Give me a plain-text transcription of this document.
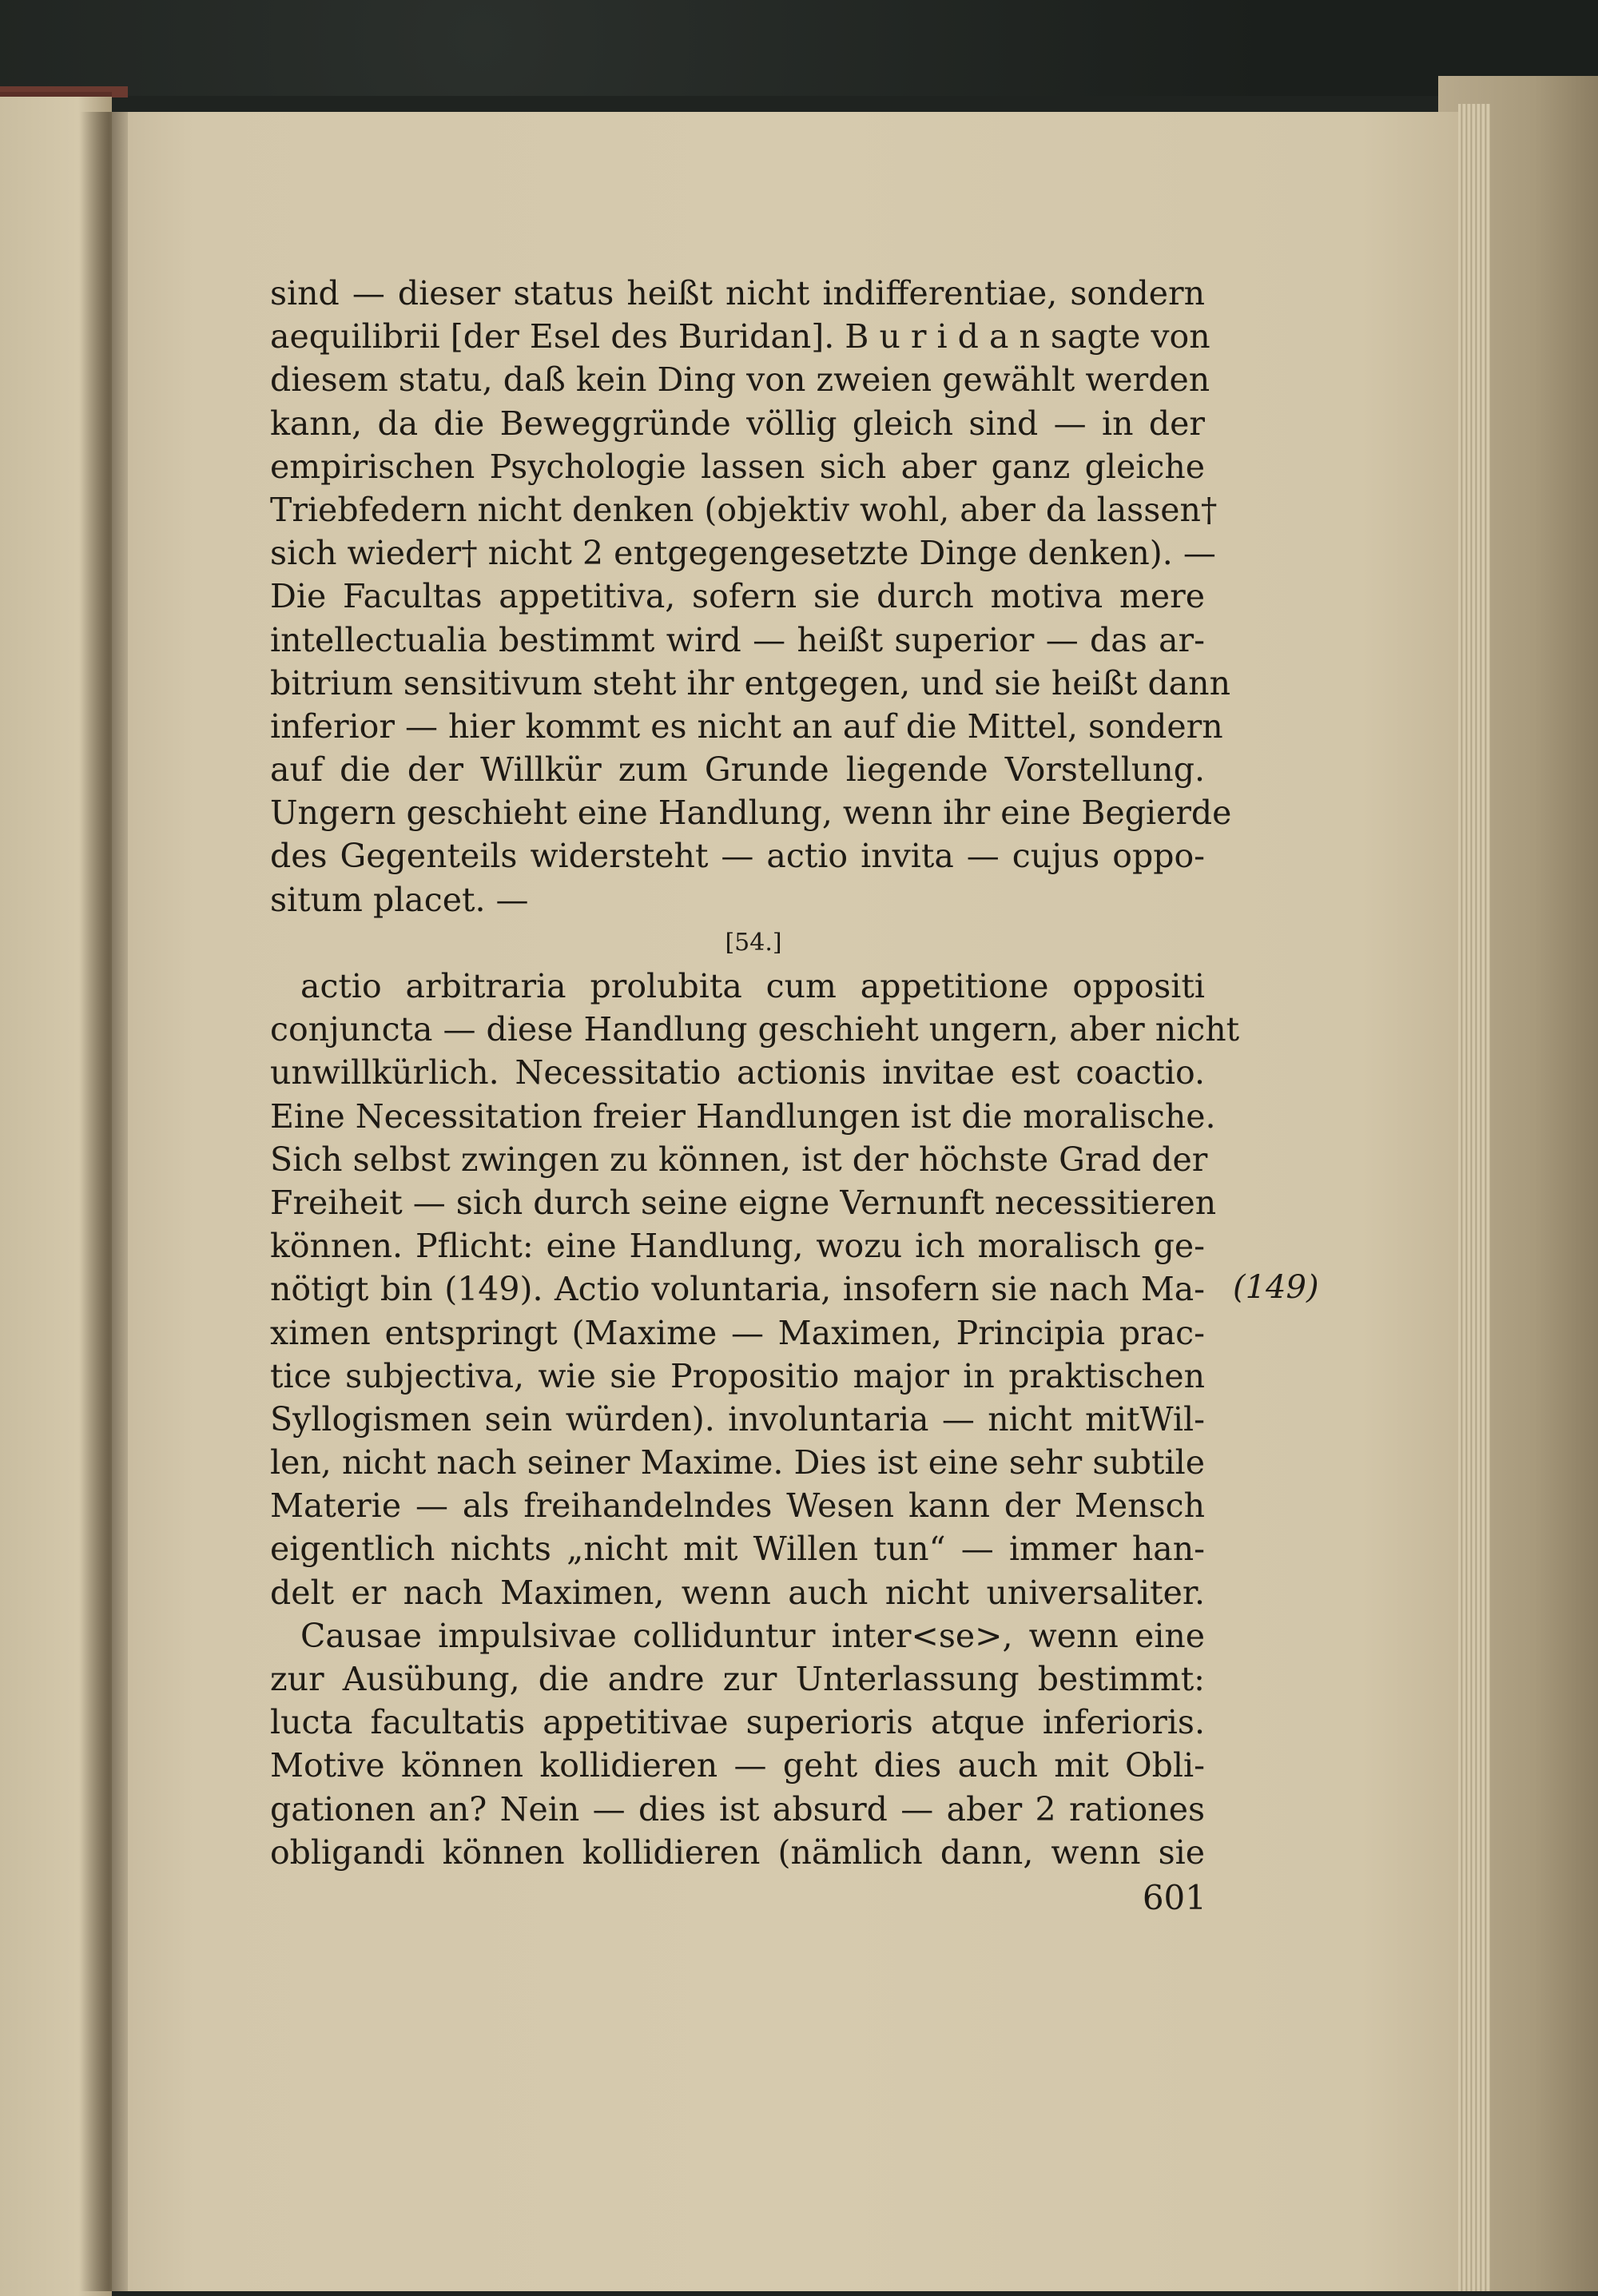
sind — dieser status heißt nicht indifferentiae, sondern
aequilibrii [der Esel des Buridan]. B u r i d a n sagte von
diesem statu, daß kein Ding von zweien gewählt werden
kann, da die Beweggründe völlig gleich sind — in der
empirischen Psychologie lassen sich aber ganz gleiche
Triebfedern nicht denken (objektiv wohl, aber da lassen†
sich wieder† nicht 2 entgegengesetzte Dinge denken). —
Die Facultas appetitiva, sofern sie durch motiva mere
intellectualia bestimmt wird — heißt superior — das ar-
bitrium sensitivum steht ihr entgegen, und sie heißt dann
inferior — hier kommt es nicht an auf die Mittel, sondern
auf die der Willkür zum Grunde liegende Vorstellung.
Ungern geschieht eine Handlung, wenn ihr eine Begierde
des Gegenteils widersteht — actio invita — cujus oppo-
situm placet. —
[54.]
actio arbitraria prolubita cum appetitione oppositi
conjuncta — diese Handlung geschieht ungern, aber nicht
unwillkürlich. Necessitatio actionis invitae est coactio.
Eine Necessitation freier Handlungen ist die moralische.
Sich selbst zwingen zu können, ist der höchste Grad der
Freiheit — sich durch seine eigne Vernunft necessitieren
können. Pflicht: eine Handlung, wozu ich moralisch ge-
nötigt bin (149). Actio voluntaria, insofern sie nach Ma-
ximen entspringt (Maxime — Maximen, Principia prac-
tice subjectiva, wie sie Propositio major in praktischen
Syllogismen sein würden). involuntaria — nicht mitWil-
len, nicht nach seiner Maxime. Dies ist eine sehr subtile
Materie — als freihandelndes Wesen kann der Mensch
eigentlich nichts „nicht mit Willen tun“ — immer han-
delt er nach Maximen, wenn auch nicht universaliter.
Causae impulsivae colliduntur inter<se>, wenn eine
zur Ausübung, die andre zur Unterlassung bestimmt:
lucta facultatis appetitivae superioris atque inferioris.
Motive können kollidieren — geht dies auch mit Obli-
gationen an? Nein — dies ist absurd — aber 2 rationes
obligandi können kollidieren (nämlich dann, wenn sie
(149)
601
